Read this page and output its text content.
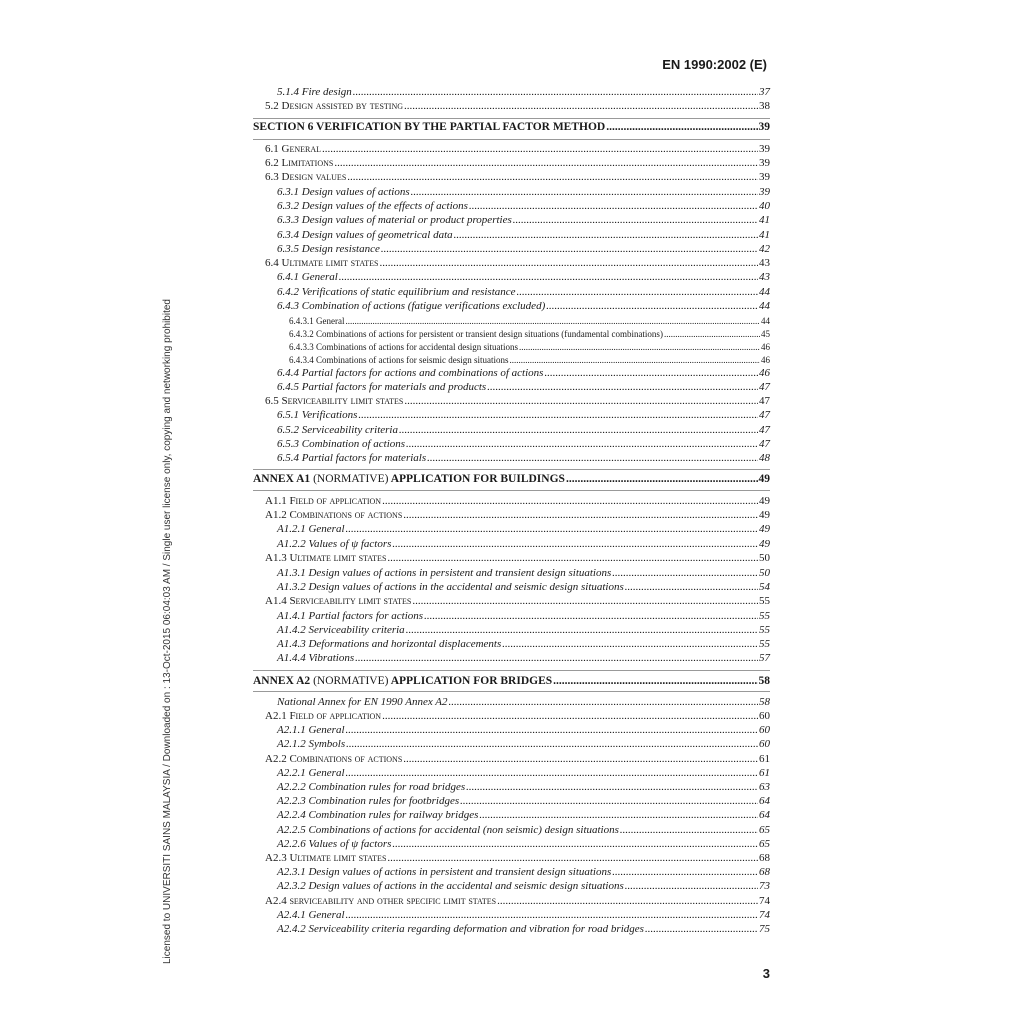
EN 1990:2002 (E)
Licensed to UNIVERSITI SAINS MALAYSIA / Downloaded on : 13-Oct-2015 06:04:03 AM / Single user license only, copying and networking prohibited
3
5.1.4 Fire design .....	37
5.2 Design assisted by testing .....	38
SECTION 6 VERIFICATION BY THE PARTIAL FACTOR METHOD .....	39
6.1 General .....	39
6.2 Limitations .....	39
6.3 Design values .....	39
6.3.1 Design values of actions .....	39
6.3.2 Design values of the effects of actions .....	40
6.3.3 Design values of material or product properties .....	41
6.3.4 Design values of geometrical data .....	41
6.3.5 Design resistance .....	42
6.4 Ultimate limit states .....	43
6.4.1 General .....	43
6.4.2 Verifications of static equilibrium and resistance .....	44
6.4.3 Combination of actions (fatigue verifications excluded) .....	44
6.4.3.1 General .....	44
6.4.3.2 Combinations of actions for persistent or transient design situations (fundamental combinations) .....	45
6.4.3.3 Combinations of actions for accidental design situations .....	46
6.4.3.4 Combinations of actions for seismic design situations .....	46
6.4.4 Partial factors for actions and combinations of actions .....	46
6.4.5 Partial factors for materials and products .....	47
6.5 Serviceability limit states .....	47
6.5.1 Verifications .....	47
6.5.2 Serviceability criteria .....	47
6.5.3 Combination of actions .....	47
6.5.4 Partial factors for materials .....	48
ANNEX A1 (NORMATIVE) APPLICATION FOR BUILDINGS .....	49
A1.1 Field of application .....	49
A1.2 Combinations of actions .....	49
A1.2.1 General .....	49
A1.2.2 Values of ψ factors .....	49
A1.3 Ultimate limit states .....	50
A1.3.1 Design values of actions in persistent and transient design situations .....	50
A1.3.2 Design values of actions in the accidental and seismic design situations .....	54
A1.4 Serviceability limit states .....	55
A1.4.1 Partial factors for actions .....	55
A1.4.2 Serviceability criteria .....	55
A1.4.3 Deformations and horizontal displacements .....	55
A1.4.4 Vibrations .....	57
ANNEX A2 (NORMATIVE) APPLICATION FOR BRIDGES .....	58
National Annex for EN 1990 Annex A2 .....	58
A2.1 Field of application .....	60
A2.1.1 General .....	60
A2.1.2 Symbols .....	60
A2.2 Combinations of actions .....	61
A2.2.1 General .....	61
A2.2.2 Combination rules for road bridges .....	63
A2.2.3 Combination rules for footbridges .....	64
A2.2.4 Combination rules for railway bridges .....	64
A2.2.5 Combinations of actions for accidental (non seismic) design situations .....	65
A2.2.6 Values of ψ factors .....	65
A2.3 Ultimate limit states .....	68
A2.3.1 Design values of actions in persistent and transient design situations .....	68
A2.3.2 Design values of actions in the accidental and seismic design situations .....	73
A2.4 serviceability and other specific limit states .....	74
A2.4.1 General .....	74
A2.4.2 Serviceability criteria regarding deformation and vibration for road bridges .....	75
